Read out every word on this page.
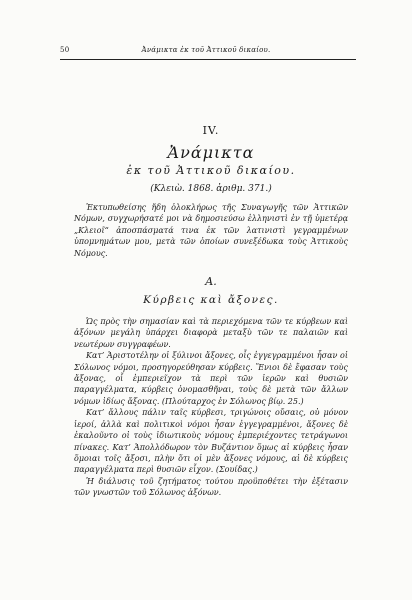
50	Ἀνάμικτα ἐκ τοῦ Ἀττικοῦ δικαίου.
IV.
Ἀνάμικτα
ἐκ τοῦ Ἀττικοῦ δικαίου.
(Κλειὼ. 1868. ἀριθμ. 371.)

Ἐκτυπωθείσης ἤδη ὁλοκλήρως τῆς Συναγωγῆς τῶν Ἀττικῶν Νόμων, συγχωρήσατέ μοι νὰ δημοσιεύσω ἑλληνιστὶ ἐν τῇ ὑμετέρᾳ „Κλειοῖ“ ἀποσπάσματά τινα ἐκ τῶν λατινιστὶ γεγραμμένων ὑπομνημάτων μου, μετὰ τῶν ὁποίων συνεξέδωκα τοὺς Ἀττικοὺς Νόμους.

Α.
Κύρβεις καὶ ἄξονες.

Ὡς πρὸς τὴν σημασίαν καὶ τὰ περιεχόμενα τῶν τε κύρβεων καὶ ἀξόνων μεγάλη ὑπάρχει διαφορὰ μεταξὺ τῶν τε παλαιῶν καὶ νεωτέρων συγγραφέων.

Κατ’ Ἀριστοτέλην οἱ ξύλινοι ἄξονες, οἷς ἐγγεγραμμένοι ἦσαν οἱ Σόλωνος νόμοι, προσηγορεύθησαν κύρβεις. Ἕνιοι δὲ ἔφασαν τοὺς ἄξονας, οἷ ἐμπεριεῖχον τὰ περὶ τῶν ἱερῶν καὶ θυσιῶν παραγγέλματα, κύρβεις ὀνομασθῆναι, τοὺς δὲ μετὰ τῶν ἄλλων νόμων ἰδίως ἄξονας. (Πλούταρχος ἐν Σόλωνος βίῳ. 25.)

Κατ’ ἄλλους πάλιν ταῖς κύρβεσι, τριγώνοις οὔσαις, οὐ μόνον ἱεροί, ἀλλὰ καὶ πολιτικοὶ νόμοι ἦσαν ἐγγεγραμμένοι, ἄξονες δὲ ἐκαλοῦντο οἱ τοὺς ἰδιωτικοὺς νόμους ἐμπεριέχοντες τετράγωνοι πίνακες. Κατ’ Ἀπολλόδωρον τὸν Βυζάντιον ὅμως αἱ κύρβεις ἦσαν ὅμοιαι τοῖς ἄξοσι, πλὴν ὅτι οἱ μὲν ἄξονες νόμους, αἱ δὲ κύρβεις παραγγέλματα περὶ θυσιῶν εἶχον. (Σουίδας.)

Ἡ διάλυσις τοῦ ζητήματος τούτου προϋποθέτει τὴν ἐξέτασιν τῶν γνωστῶν τοῦ Σόλωνος ἀξόνων.
